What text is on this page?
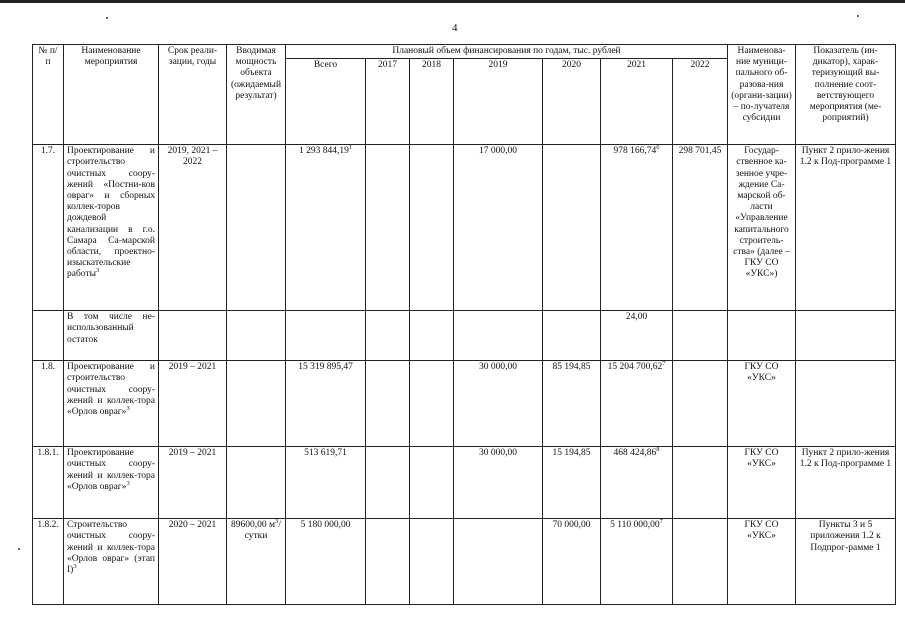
4
№ п/п	Наименование мероприятия	Срок реали-зации, годы	Вводимая мощность объекта (ожидаемый результат)	Плановый объем финансирования по годам, тыс. рублей							Наименова-ние муници-пального об-разова-ния (органи-зации) – по-лучателя субсидии	Показатель (ин-дикатор), харак-теризующий вы-полнение соот-ветствующего мероприятия (ме-роприятий)
				Всего	2017	2018	2019	2020	2021	2022		
1.7.	Проектирование и строительство очистных соору-жений «Постни-ков овраг» и сборных коллек-торов дождевой канализации в г.о. Самара Са-марской области, проектно-изыскательские работы$^3$	2019, 2021 – 2022		1 293 844,19$^1$			17 000,00		978 166,74$^6$	298 701,45	Государ-ственное ка-зенное учре-ждение Са-марской об-ласти «Управление капитального строитель-ства» (далее – ГКУ СО «УКС»)	Пункт 2 прило-жения 1.2 к Под-программе 1
	В том числе не-использованный остаток								24,00			
1.8.	Проектирование и строительство очистных соору-жений и коллек-тора «Орлов овраг»$^3$	2019 – 2021		15 319 895,47			30 000,00	85 194,85	15 204 700,62$^7$		ГКУ СО «УКС»	
1.8.1.	Проектирование очистных соору-жений и коллек-тора «Орлов овраг»$^3$	2019 – 2021		513 619,71			30 000,00	15 194,85	468 424,86$^8$		ГКУ СО «УКС»	Пункт 2 прило-жения 1.2 к Под-программе 1
1.8.2.	Строительство очистных соору-жений и коллек-тора «Орлов овраг» (этап I)$^3$	2020 – 2021	89600,00 $м^3$/сутки	5 180 000,00				70 000,00	5 110 000,00$^7$		ГКУ СО «УКС»	Пункты 3 и 5 приложения 1.2 к Подпрог-рамме 1
